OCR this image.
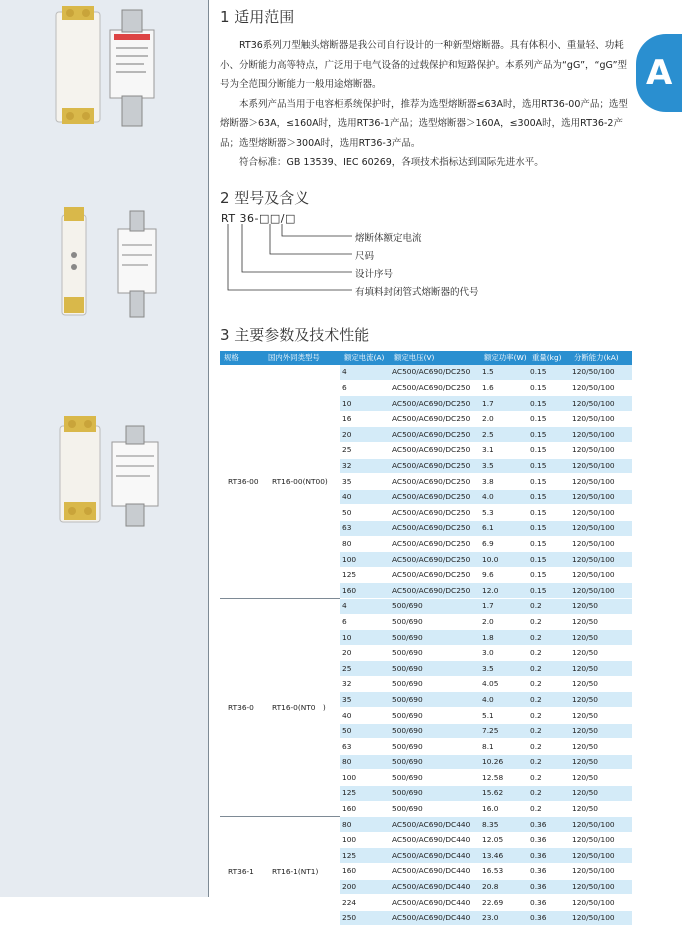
A
1 适用范围

RT36系列刀型触头熔断器是我公司自行设计的一种新型熔断器。具有体积小、重量轻、功耗小、分断能力高等特点，广泛用于电气设备的过载保护和短路保护。本系列产品为“gG”，“gG”型号为全范围分断能力一般用途熔断器。

本系列产品当用于电容柜系统保护时，推荐为选型熔断器≤63A时，选用RT36-00产品；选型熔断器＞63A，≤160A时，选用RT36-1产品；选型熔断器＞160A，≤300A时，选用RT36-2产品；选型熔断器＞300A时，选用RT36-3产品。

符合标准：GB 13539、IEC 60269，各项技术指标达到国际先进水平。

2 型号及含义
RT 36-□□/□
熔断体额定电流
尺码
设计序号
有填料封闭管式熔断器的代号
3 主要参数及技术性能
规格	国内外同类型号	额定电流(A)	额定电压(V)	额定功率(W)	重量(kg)	分断能力(kA)
RT36-00	RT16-00(NT00)	4	AC500/AC690/DC250	1.5	0.15	120/50/100
		6	AC500/AC690/DC250	1.6	0.15	120/50/100
		10	AC500/AC690/DC250	1.7	0.15	120/50/100
		16	AC500/AC690/DC250	2.0	0.15	120/50/100
		20	AC500/AC690/DC250	2.5	0.15	120/50/100
		25	AC500/AC690/DC250	3.1	0.15	120/50/100
		32	AC500/AC690/DC250	3.5	0.15	120/50/100
		35	AC500/AC690/DC250	3.8	0.15	120/50/100
		40	AC500/AC690/DC250	4.0	0.15	120/50/100
		50	AC500/AC690/DC250	5.3	0.15	120/50/100
		63	AC500/AC690/DC250	6.1	0.15	120/50/100
		80	AC500/AC690/DC250	6.9	0.15	120/50/100
		100	AC500/AC690/DC250	10.0	0.15	120/50/100
		125	AC500/AC690/DC250	9.6	0.15	120/50/100
		160	AC500/AC690/DC250	12.0	0.15	120/50/100
RT36-0	RT16-0(NT0　)	4	500/690	1.7	0.2	120/50
		6	500/690	2.0	0.2	120/50
		10	500/690	1.8	0.2	120/50
		20	500/690	3.0	0.2	120/50
		25	500/690	3.5	0.2	120/50
		32	500/690	4.05	0.2	120/50
		35	500/690	4.0	0.2	120/50
		40	500/690	5.1	0.2	120/50
		50	500/690	7.25	0.2	120/50
		63	500/690	8.1	0.2	120/50
		80	500/690	10.26	0.2	120/50
		100	500/690	12.58	0.2	120/50
		125	500/690	15.62	0.2	120/50
		160	500/690	16.0	0.2	120/50
RT36-1	RT16-1(NT1)	80	AC500/AC690/DC440	8.35	0.36	120/50/100
		100	AC500/AC690/DC440	12.05	0.36	120/50/100
		125	AC500/AC690/DC440	13.46	0.36	120/50/100
		160	AC500/AC690/DC440	16.53	0.36	120/50/100
		200	AC500/AC690/DC440	20.8	0.36	120/50/100
		224	AC500/AC690/DC440	22.69	0.36	120/50/100
		250	AC500/AC690/DC440	23.0	0.36	120/50/100
